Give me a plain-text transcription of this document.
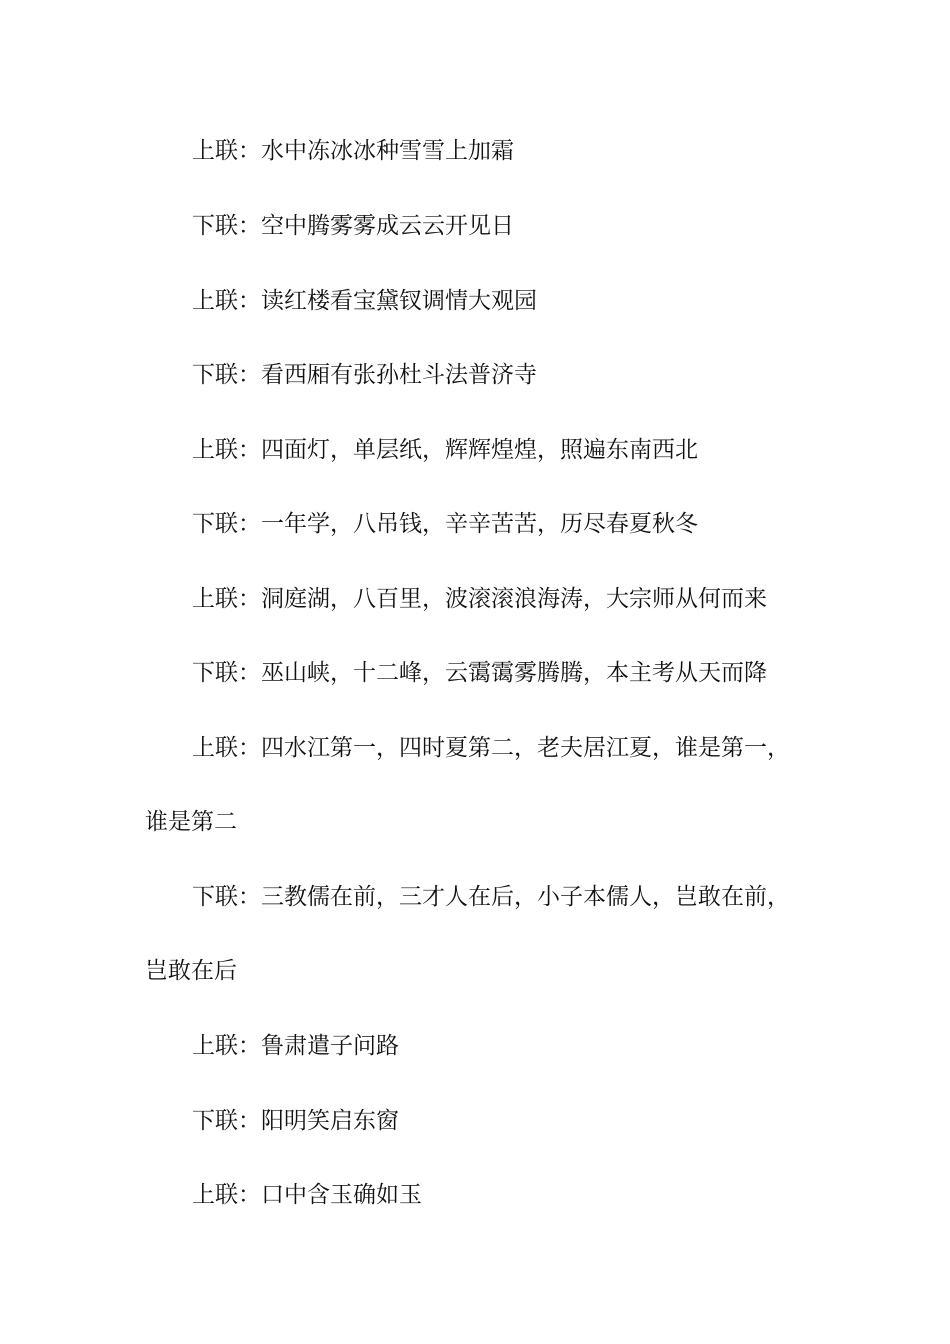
上联：水中冻冰冰种雪雪上加霜
下联：空中腾雾雾成云云开见日
上联：读红楼看宝黛钗调情大观园
下联：看西厢有张孙杜斗法普济寺
上联：四面灯，单层纸，辉辉煌煌，照遍东南西北
下联：一年学，八吊钱，辛辛苦苦，历尽春夏秋冬
上联：洞庭湖，八百里，波滚滚浪海涛，大宗师从何而来
下联：巫山峡，十二峰，云霭霭雾腾腾，本主考从天而降
上联：四水江第一，四时夏第二，老夫居江夏，谁是第一，
谁是第二
下联：三教儒在前，三才人在后，小子本儒人，岂敢在前，
岂敢在后
上联：鲁肃遣子问路
下联：阳明笑启东窗
上联：口中含玉确如玉
